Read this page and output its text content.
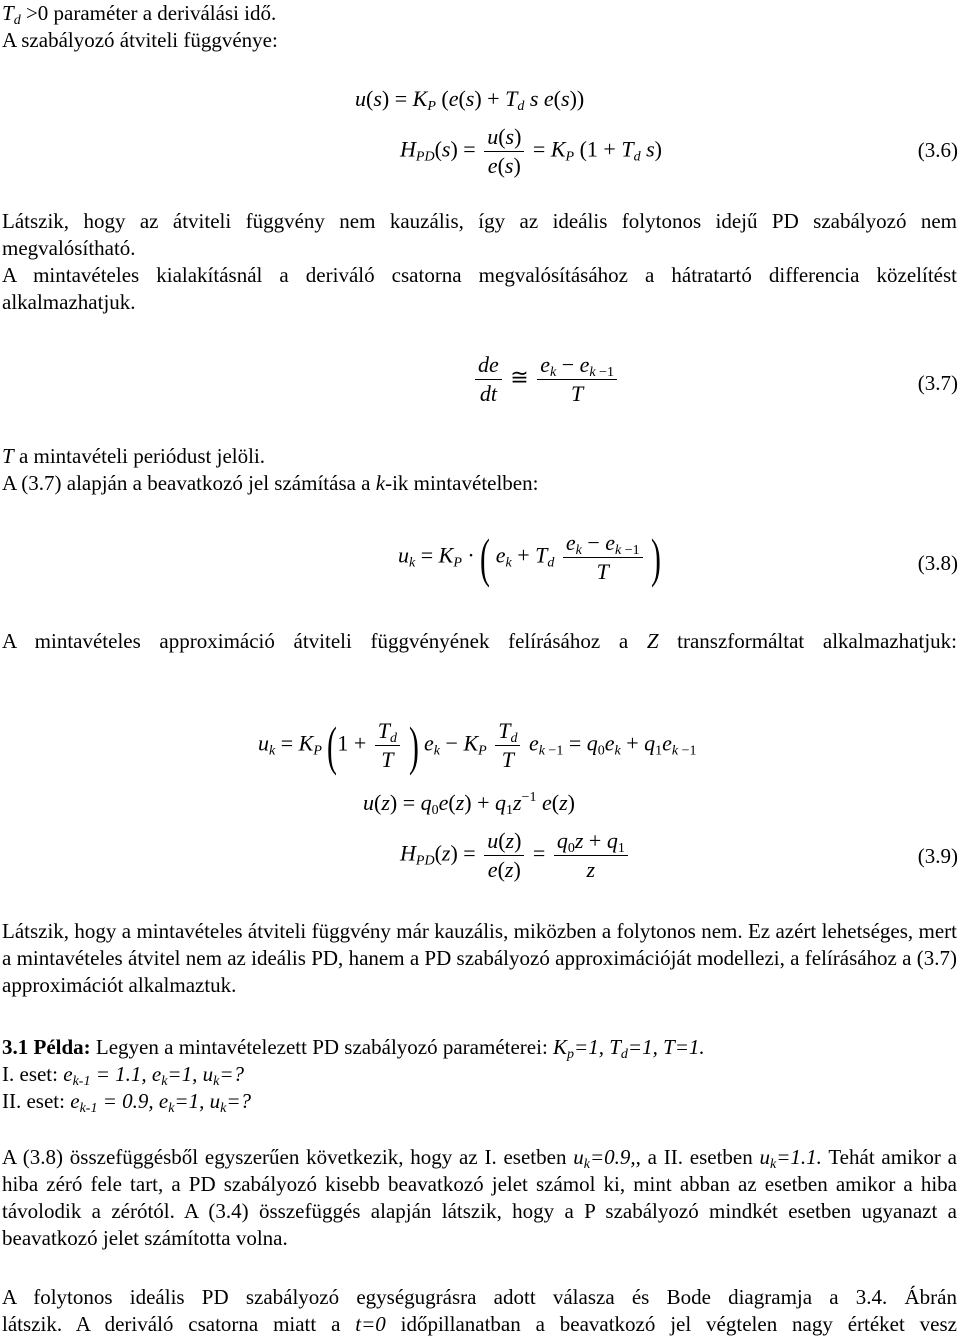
$T_d >0$ paraméter a deriválási idő.

A szabályozó átviteli függvénye:

$u(s) = K_P$ ($e(s) + T_d$ s e(s))
$H_{PD}(s) = \frac{u(s)}{e(s)} = K_P$ ($1 + T_d$ s)	(3.6)

Látszik, hogy az átviteli függvény nem kauzális, így az ideális folytonos idejű PD szabályozó nem megvalósítható.

A mintavételes kialakításnál a deriváló csatorna megvalósításához a hátratartó differencia közelítést alkalmazhatjuk.

$\frac{de}{dt}$ ≅ $\frac{e_k - e_{k -1}}{T}$	(3.7)

T a mintavételi periódust jelöli.

A (3.7) alapján a beavatkozó jel számítása a k-ik mintavételben:

$u_k = K_P$ · ( $e_k + T_d \frac{e_k - e_{k -1}}{T}$ )	(3.8)

A mintavételes approximáció átviteli függvényének felírásához a Z transzformáltat alkalmazhatjuk:

$u_k = K_P$ ($1 + \frac{T_d}{T}$ ) $e_k - K_P \frac{T_d}{T} e_{k -1} = q_0e_k + q_1e_{k -1}$
$u(z) = q_0e(z) + q_1z^{-1}$ e(z)
$H_{PD}(z) = \frac{u(z)}{e(z)} = \frac{q_0z + q_1}{z}$	(3.9)

Látszik, hogy a mintavételes átviteli függvény már kauzális, miközben a folytonos nem. Ez azért lehetséges, mert a mintavételes átvitel nem az ideális PD, hanem a PD szabályozó approximációját modellezi, a felírásához a (3.7) approximációt alkalmaztuk.

3.1 Példa: Legyen a mintavételezett PD szabályozó paraméterei: $K_p=1$, $T_d=1$, T=1.

I. eset: $e_{k-1} = 1.1$, $e_k=1$, $u_k=$?

II. eset: $e_{k-1} = 0.9$, $e_k=1$, $u_k=$?

A (3.8) összefüggésből egyszerűen következik, hogy az I. esetben $u_k=0.9$,, a II. esetben $u_k=1.1$. Tehát amikor a hiba zéró fele tart, a PD szabályozó kisebb beavatkozó jelet számol ki, mint abban az esetben amikor a hiba távolodik a zérótól. A (3.4) összefüggés alapján látszik, hogy a P szabályozó mindkét esetben ugyanazt a beavatkozó jelet számította volna.

A folytonos ideális PD szabályozó egységugrásra adott válasza és Bode diagramja a 3.4. Ábrán

látszik. A deriváló csatorna miatt a t=0 időpillanatban a beavatkozó jel végtelen nagy értéket vesz
